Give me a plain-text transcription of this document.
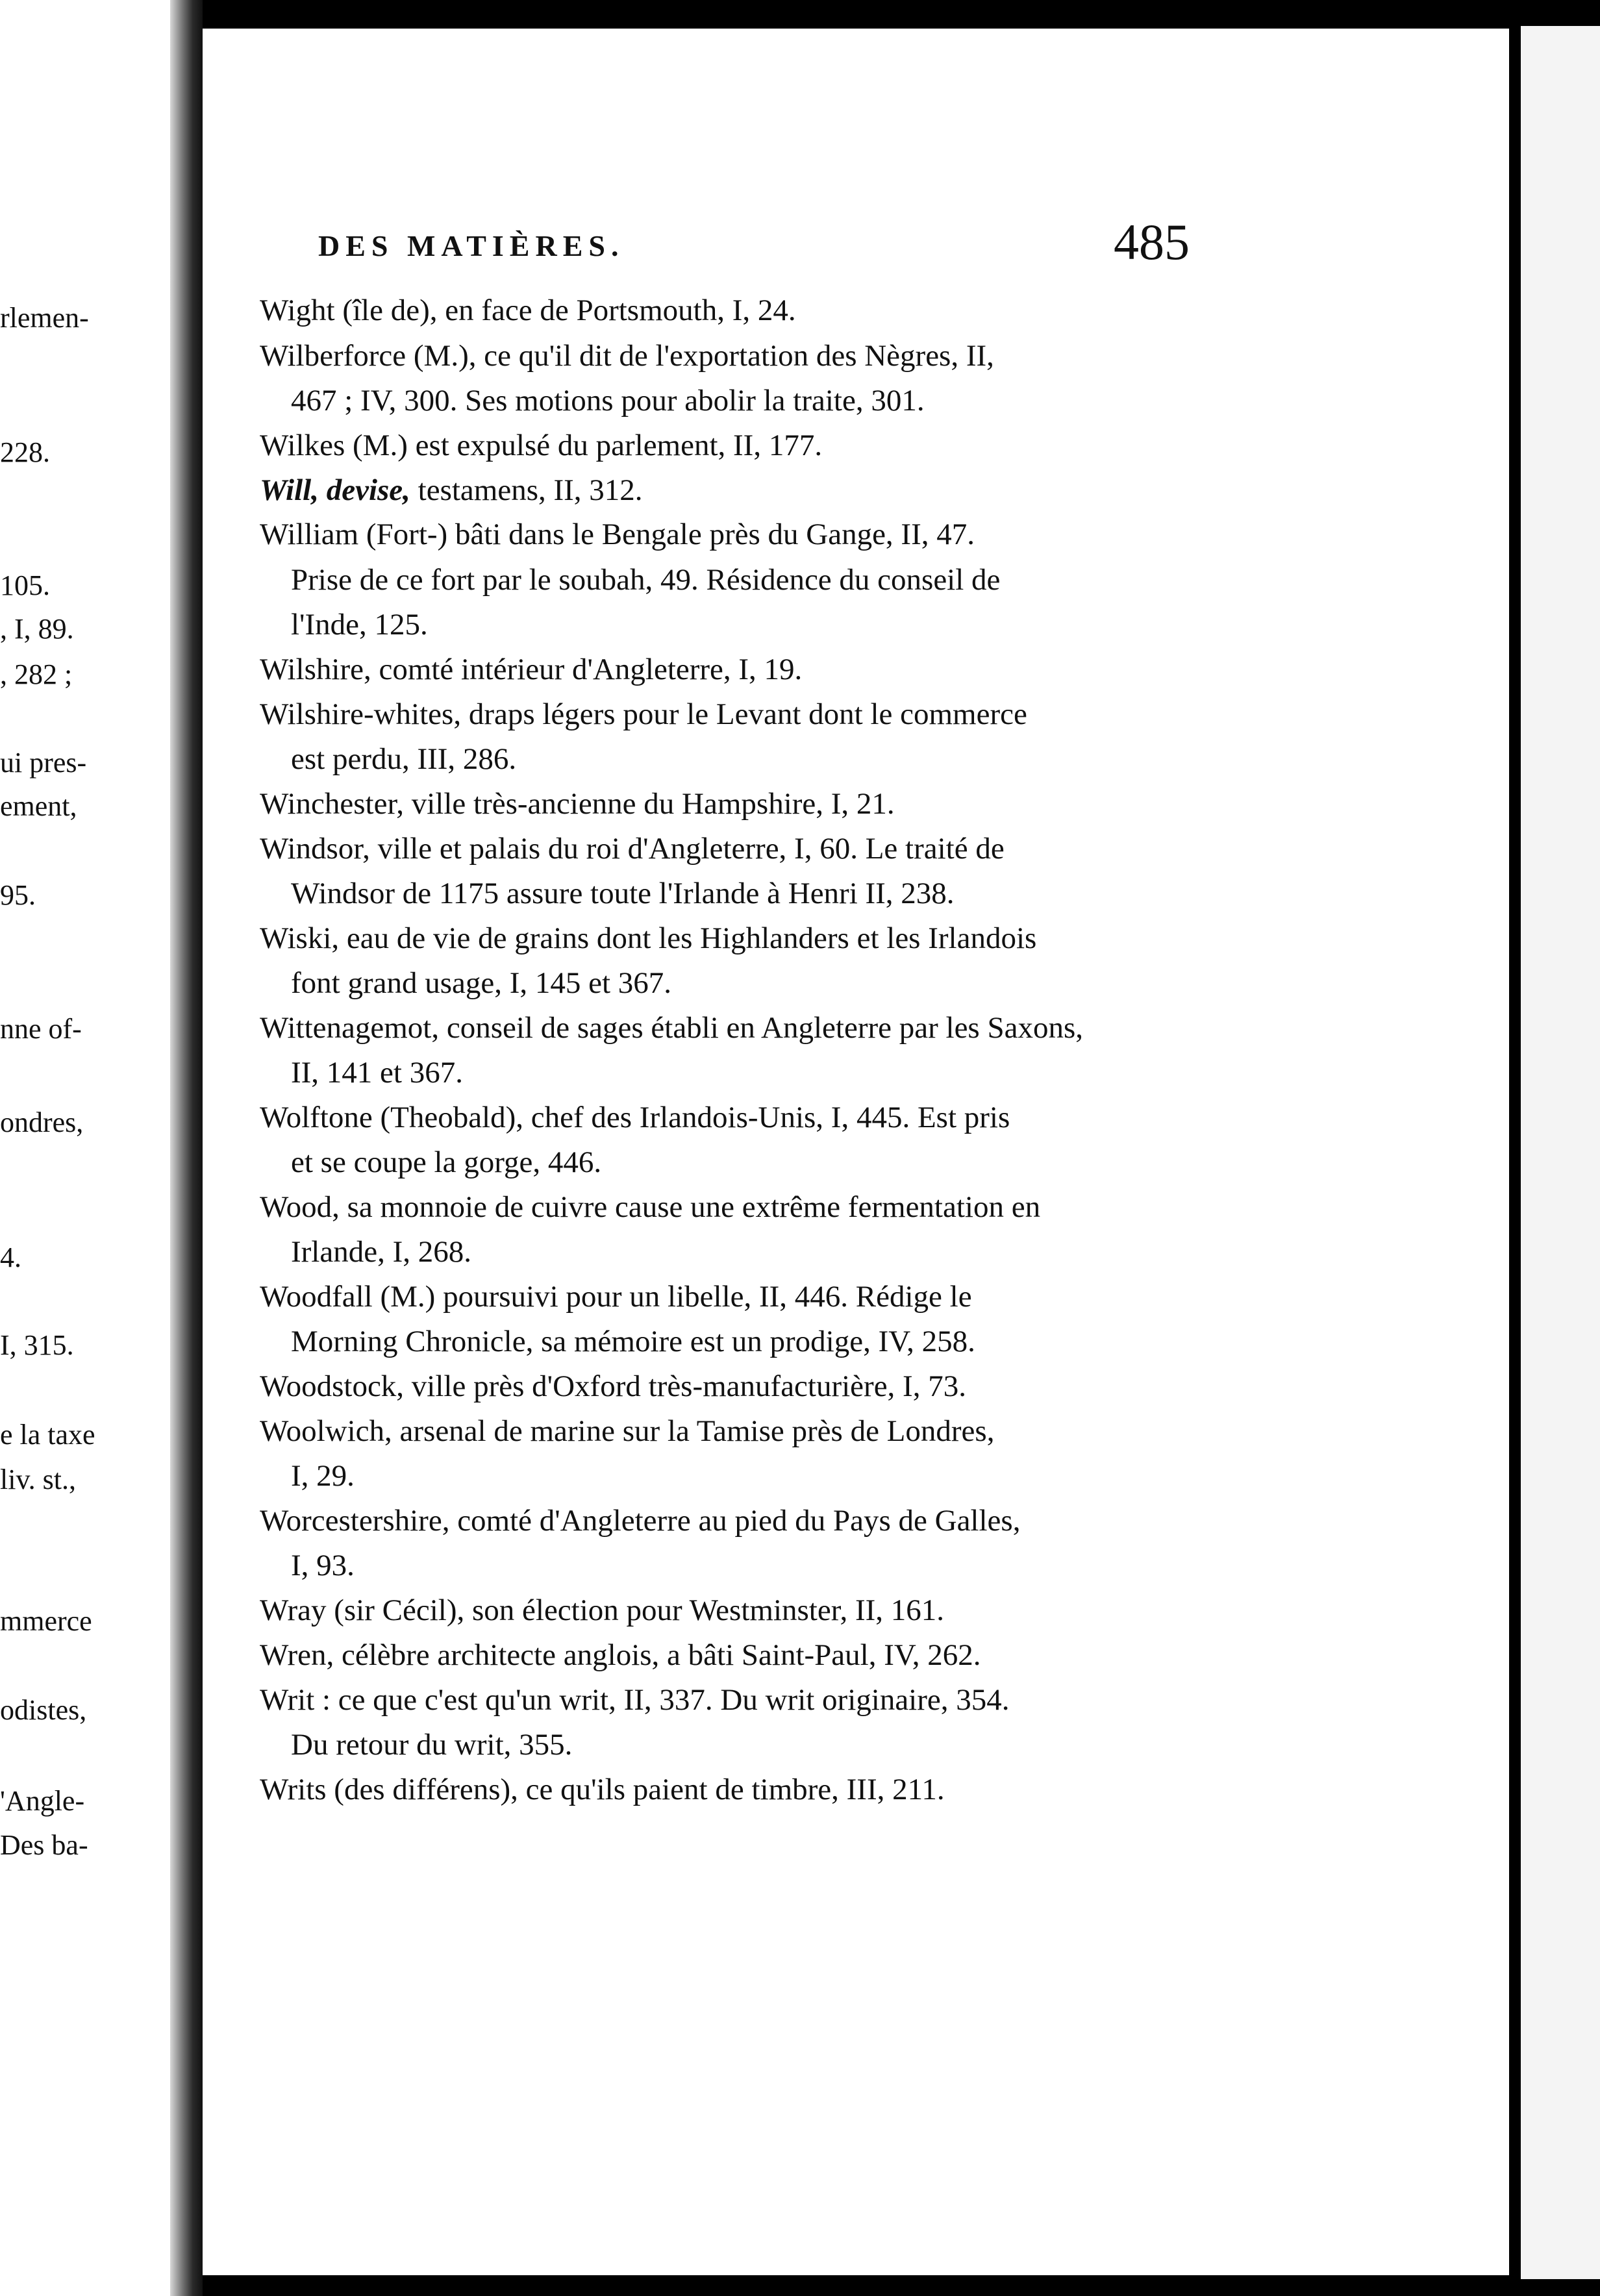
rlemen-
228.
105.
, I, 89.
, 282 ;
ui pres-
ement,
95.
nne of-
ondres,
4.
I, 315.
e la taxe
liv. st.,
mmerce
odistes,
'Angle-
Des ba-
DES MATIÈRES.	485
Wight (île de), en face de Portsmouth, I, 24.
Wilberforce (M.), ce qu'il dit de l'exportation des Nègres, II,
467 ; IV, 300. Ses motions pour abolir la traite, 301.
Wilkes (M.) est expulsé du parlement, II, 177.
Will, devise, testamens, II, 312.
William (Fort-) bâti dans le Bengale près du Gange, II, 47.
Prise de ce fort par le soubah, 49. Résidence du conseil de
l'Inde, 125.
Wilshire, comté intérieur d'Angleterre, I, 19.
Wilshire-whites, draps légers pour le Levant dont le commerce
est perdu, III, 286.
Winchester, ville très-ancienne du Hampshire, I, 21.
Windsor, ville et palais du roi d'Angleterre, I, 60. Le traité de
Windsor de 1175 assure toute l'Irlande à Henri II, 238.
Wiski, eau de vie de grains dont les Highlanders et les Irlandois
font grand usage, I, 145 et 367.
Wittenagemot, conseil de sages établi en Angleterre par les Saxons,
II, 141 et 367.
Wolftone (Theobald), chef des Irlandois-Unis, I, 445. Est pris
et se coupe la gorge, 446.
Wood, sa monnoie de cuivre cause une extrême fermentation en
Irlande, I, 268.
Woodfall (M.) poursuivi pour un libelle, II, 446. Rédige le
Morning Chronicle, sa mémoire est un prodige, IV, 258.
Woodstock, ville près d'Oxford très-manufacturière, I, 73.
Woolwich, arsenal de marine sur la Tamise près de Londres,
I, 29.
Worcestershire, comté d'Angleterre au pied du Pays de Galles,
I, 93.
Wray (sir Cécil), son élection pour Westminster, II, 161.
Wren, célèbre architecte anglois, a bâti Saint-Paul, IV, 262.
Writ : ce que c'est qu'un writ, II, 337. Du writ originaire, 354.
Du retour du writ, 355.
Writs (des différens), ce qu'ils paient de timbre, III, 211.
